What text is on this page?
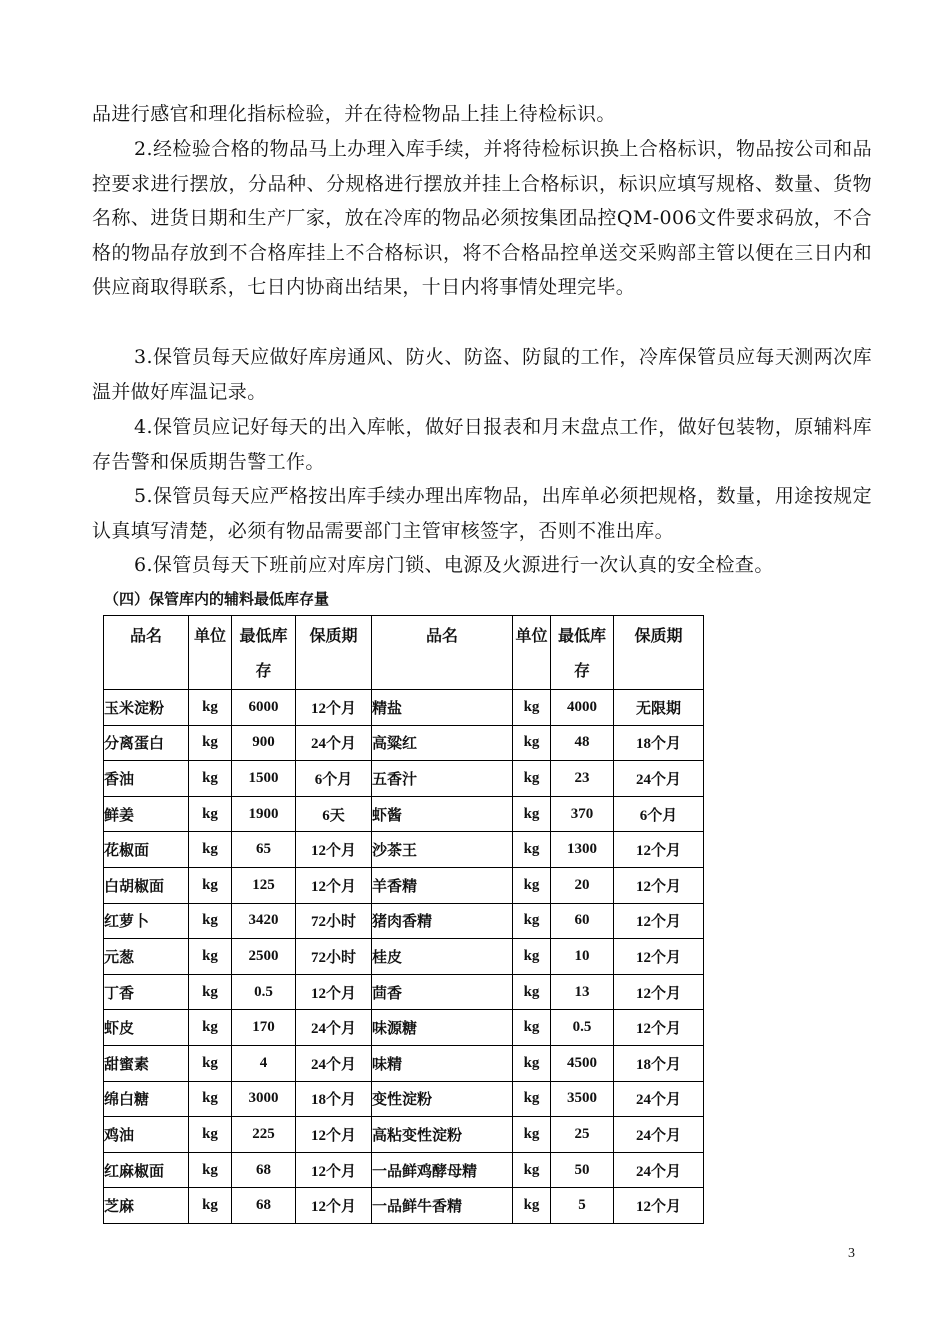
品进行感官和理化指标检验，并在待检物品上挂上待检标识。

2.经检验合格的物品马上办理入库手续，并将待检标识换上合格标识，物品按公司和品控要求进行摆放，分品种、分规格进行摆放并挂上合格标识，标识应填写规格、数量、货物名称、进货日期和生产厂家，放在冷库的物品必须按集团品控QM-006文件要求码放，不合格的物品存放到不合格库挂上不合格标识，将不合格品控单送交采购部主管以便在三日内和供应商取得联系，七日内协商出结果，十日内将事情处理完毕。

3.保管员每天应做好库房通风、防火、防盗、防鼠的工作，冷库保管员应每天测两次库温并做好库温记录。

4.保管员应记好每天的出入库帐，做好日报表和月末盘点工作，做好包装物，原辅料库存告警和保质期告警工作。

5.保管员每天应严格按出库手续办理出库物品，出库单必须把规格，数量，用途按规定认真填写清楚，必须有物品需要部门主管审核签字，否则不准出库。

6.保管员每天下班前应对库房门锁、电源及火源进行一次认真的安全检查。

（四）保管库内的辅料最低库存量

品名	单位	最低库存	保质期	品名	单位	最低库存	保质期
玉米淀粉	kg	6000	12个月	精盐	kg	4000	无限期
分离蛋白	kg	900	24个月	高粱红	kg	48	18个月
香油	kg	1500	6个月	五香汁	kg	23	24个月
鲜姜	kg	1900	6天	虾酱	kg	370	6个月
花椒面	kg	65	12个月	沙茶王	kg	1300	12个月
白胡椒面	kg	125	12个月	羊香精	kg	20	12个月
红萝卜	kg	3420	72小时	猪肉香精	kg	60	12个月
元葱	kg	2500	72小时	桂皮	kg	10	12个月
丁香	kg	0.5	12个月	茴香	kg	13	12个月
虾皮	kg	170	24个月	味源糖	kg	0.5	12个月
甜蜜素	kg	4	24个月	味精	kg	4500	18个月
绵白糖	kg	3000	18个月	变性淀粉	kg	3500	24个月
鸡油	kg	225	12个月	高粘变性淀粉	kg	25	24个月
红麻椒面	kg	68	12个月	一品鲜鸡酵母精	kg	50	24个月
芝麻	kg	68	12个月	一品鲜牛香精	kg	5	12个月
3
